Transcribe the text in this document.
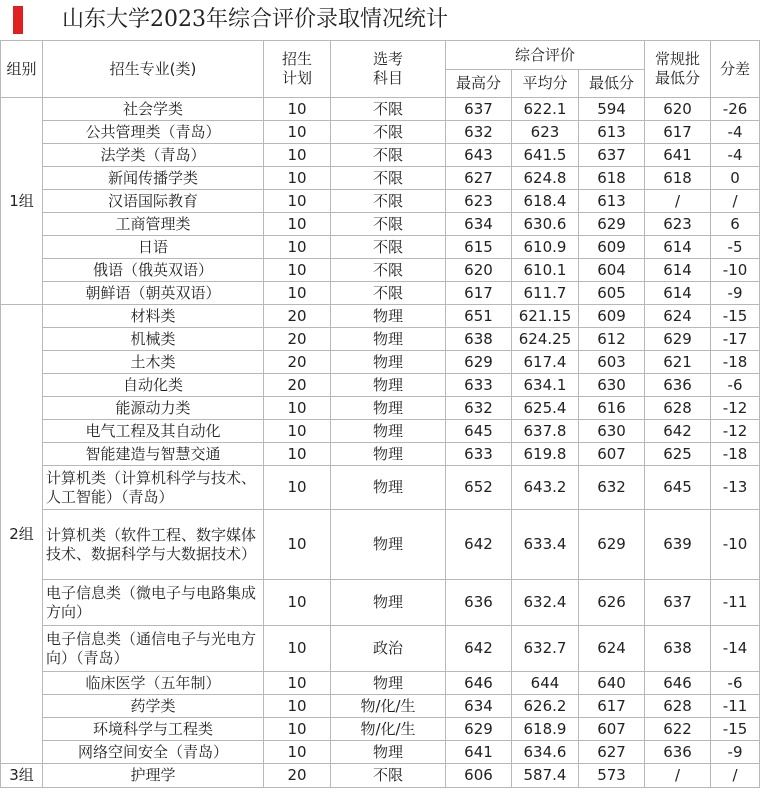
山东大学2023年综合评价录取情况统计
组别	招生专业(类)	招生计划	选考科目	综合评价			常规批最低分	分差
				最高分	平均分	最低分		
1组	社会学类	10	不限	637	622.1	594	620	-26
	公共管理类（青岛）	10	不限	632	623	613	617	-4
	法学类（青岛）	10	不限	643	641.5	637	641	-4
	新闻传播学类	10	不限	627	624.8	618	618	0
	汉语国际教育	10	不限	623	618.4	613	/	/
	工商管理类	10	不限	634	630.6	629	623	6
	日语	10	不限	615	610.9	609	614	-5
	俄语（俄英双语）	10	不限	620	610.1	604	614	-10
	朝鲜语（朝英双语）	10	不限	617	611.7	605	614	-9
2组	材料类	20	物理	651	621.15	609	624	-15
	机械类	20	物理	638	624.25	612	629	-17
	土木类	20	物理	629	617.4	603	621	-18
	自动化类	20	物理	633	634.1	630	636	-6
	能源动力类	10	物理	632	625.4	616	628	-12
	电气工程及其自动化	10	物理	645	637.8	630	642	-12
	智能建造与智慧交通	10	物理	633	619.8	607	625	-18
	计算机类（计算机科学与技术、人工智能）（青岛）	10	物理	652	643.2	632	645	-13
	计算机类（软件工程、数字媒体技术、数据科学与大数据技术）	10	物理	642	633.4	629	639	-10
	电子信息类（微电子与电路集成方向）	10	物理	636	632.4	626	637	-11
	电子信息类（通信电子与光电方向）（青岛）	10	政治	642	632.7	624	638	-14
	临床医学（五年制）	10	物理	646	644	640	646	-6
	药学类	10	物/化/生	634	626.2	617	628	-11
	环境科学与工程类	10	物/化/生	629	618.9	607	622	-15
	网络空间安全（青岛）	10	物理	641	634.6	627	636	-9
3组	护理学	20	不限	606	587.4	573	/	/
